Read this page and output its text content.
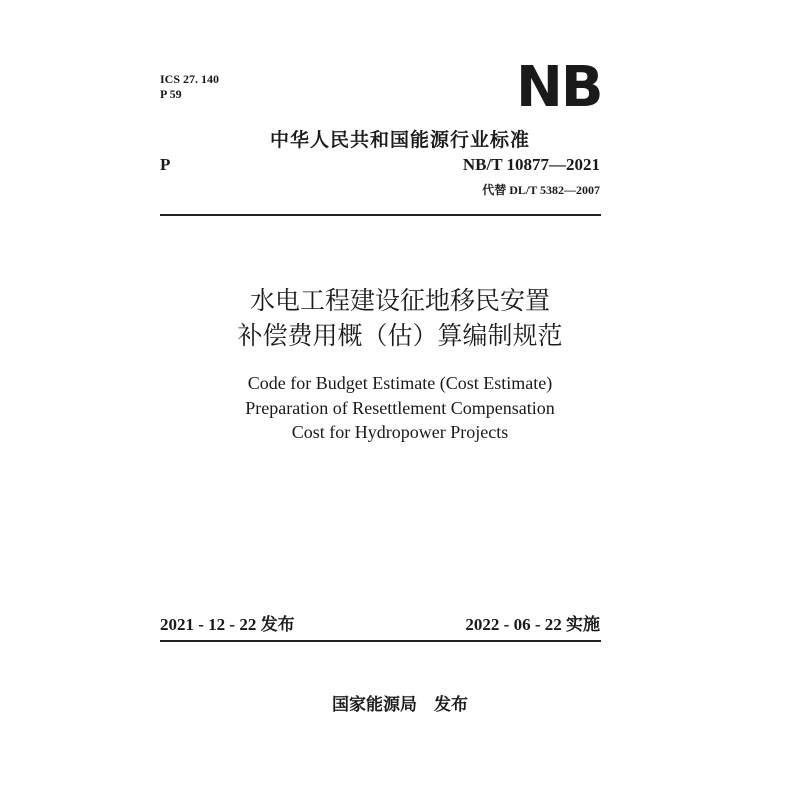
ICS 27. 140
P 59	NB
中华人民共和国能源行业标准
P	NB/T 10877—2021
代替 DL/T 5382—2007
水电工程建设征地移民安置
补偿费用概（估）算编制规范
Code for Budget Estimate (Cost Estimate)
Preparation of Resettlement Compensation
Cost for Hydropower Projects
2021 - 12 - 22 发布	2022 - 06 - 22 实施
国家能源局　发布
